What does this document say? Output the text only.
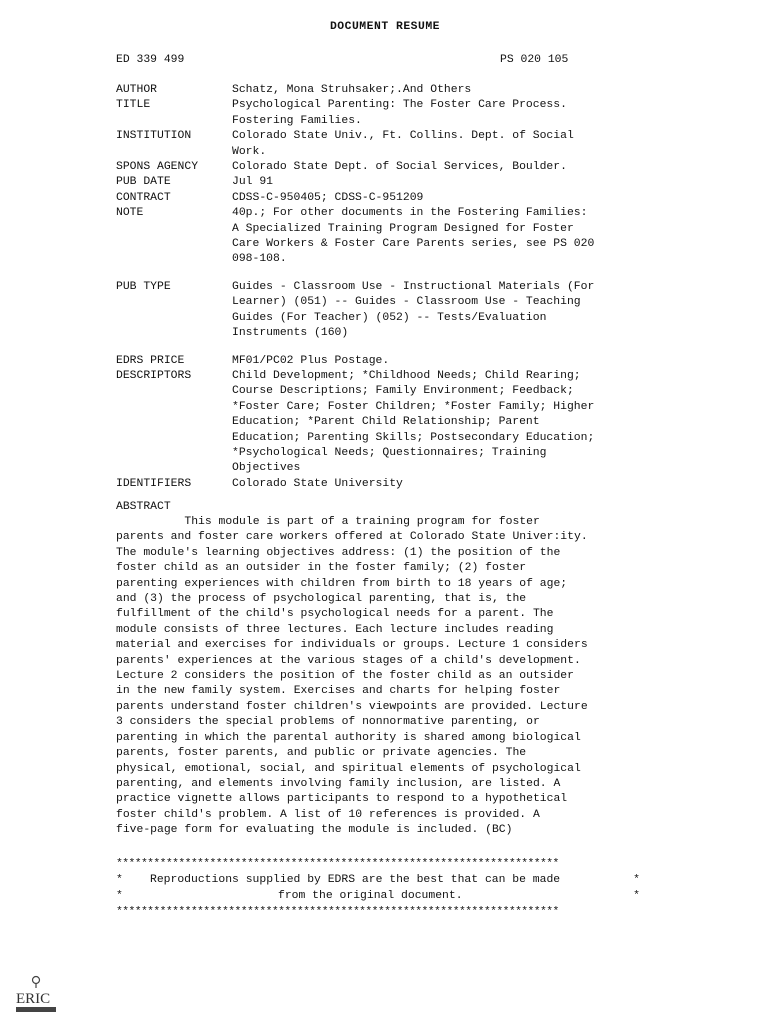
DOCUMENT RESUME
ED 339 499	PS 020 105
AUTHOR	Schatz, Mona Struhsaker;.And Others
TITLE	Psychological Parenting: The Foster Care Process.
Fostering Families.
INSTITUTION	Colorado State Univ., Ft. Collins. Dept. of Social
Work.
SPONS AGENCY	Colorado State Dept. of Social Services, Boulder.
PUB DATE	Jul 91
CONTRACT	CDSS-C-950405; CDSS-C-951209
NOTE	40p.; For other documents in the Fostering Families:
A Specialized Training Program Designed for Foster
Care Workers & Foster Care Parents series, see PS 020
098-108.
PUB TYPE	Guides - Classroom Use - Instructional Materials (For
Learner) (051) -- Guides - Classroom Use - Teaching
Guides (For Teacher) (052) -- Tests/Evaluation
Instruments (160)
EDRS PRICE	MF01/PC02 Plus Postage.
DESCRIPTORS	Child Development; *Childhood Needs; Child Rearing;
Course Descriptions; Family Environment; Feedback;
*Foster Care; Foster Children; *Foster Family; Higher
Education; *Parent Child Relationship; Parent
Education; Parenting Skills; Postsecondary Education;
*Psychological Needs; Questionnaires; Training
Objectives
IDENTIFIERS	Colorado State University
ABSTRACT
This module is part of a training program for foster
parents and foster care workers offered at Colorado State Univer:ity.
The module's learning objectives address: (1) the position of the
foster child as an outsider in the foster family; (2) foster
parenting experiences with children from birth to 18 years of age;
and (3) the process of psychological parenting, that is, the
fulfillment of the child's psychological needs for a parent. The
module consists of three lectures. Each lecture includes reading
material and exercises for individuals or groups. Lecture 1 considers
parents' experiences at the various stages of a child's development.
Lecture 2 considers the position of the foster child as an outsider
in the new family system. Exercises and charts for helping foster
parents understand foster children's viewpoints are provided. Lecture
3 considers the special problems of nonnormative parenting, or
parenting in which the parental authority is shared among biological
parents, foster parents, and public or private agencies. The
physical, emotional, social, and spiritual elements of psychological
parenting, and elements involving family inclusion, are listed. A
practice vignette allows participants to respond to a hypothetical
foster child's problem. A list of 10 references is provided. A
five-page form for evaluating the module is included. (BC)
***********************************************************************
* Reproductions supplied by EDRS are the best that can be made	*
*	from the original document.	*
***********************************************************************
ERIC
